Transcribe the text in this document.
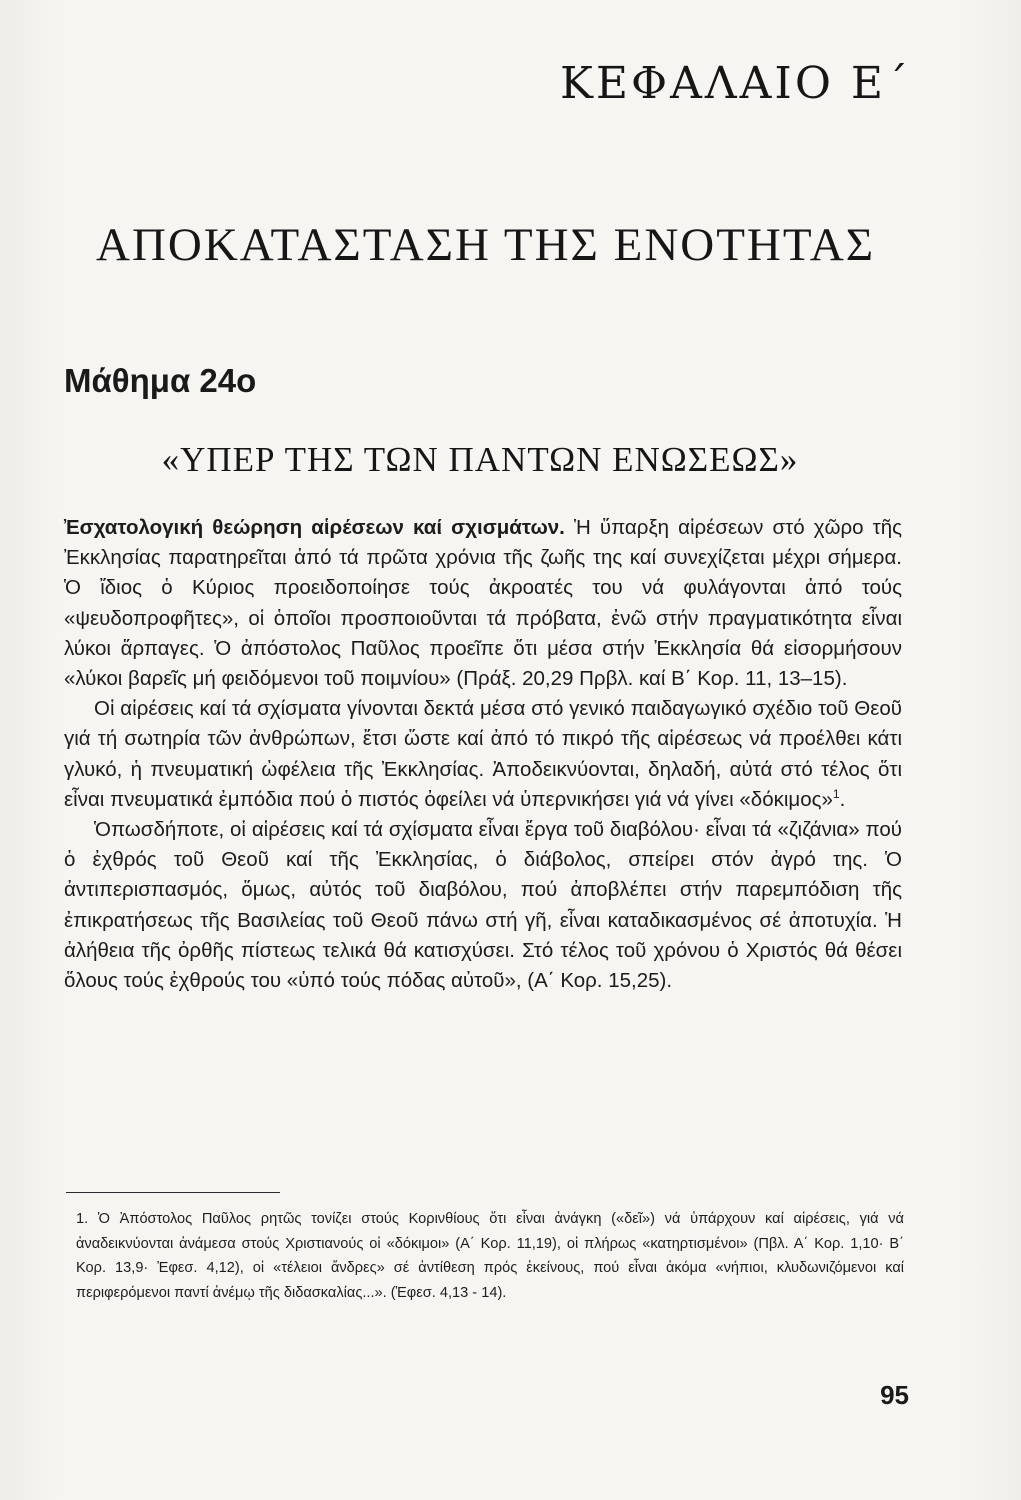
ΚΕΦΑΛΑΙΟ Ε΄
ΑΠΟΚΑΤΑΣΤΑΣΗ ΤΗΣ ΕΝΟΤΗΤΑΣ
Μάθημα 24ο
«ΥΠΕΡ ΤΗΣ ΤΩΝ ΠΑΝΤΩΝ ΕΝΩΣΕΩΣ»

Ἐσχατολογική θεώρηση αἱρέσεων καί σχισμάτων. Ἡ ὕπαρξη αἱρέσεων στό χῶρο τῆς Ἐκκλησίας παρατηρεῖται ἀπό τά πρῶτα χρόνια τῆς ζωῆς της καί συνεχίζεται μέχρι σήμερα. Ὁ ἴδιος ὁ Κύριος προειδοποίησε τούς ἀκροατές του νά φυλάγονται ἀπό τούς «ψευδοπροφῆτες», οἱ ὁποῖοι προσποιοῦνται τά πρόβατα, ἐνῶ στήν πραγματικότητα εἶναι λύκοι ἅρπαγες. Ὁ ἀπόστολος Παῦλος προεῖπε ὅτι μέσα στήν Ἐκκλησία θά εἰσορμήσουν «λύκοι βαρεῖς μή φειδόμενοι τοῦ ποιμνίου» (Πράξ. 20,29 Πρβλ. καί Β΄ Κορ. 11, 13–15).

Οἱ αἱρέσεις καί τά σχίσματα γίνονται δεκτά μέσα στό γενικό παιδαγωγικό σχέδιο τοῦ Θεοῦ γιά τή σωτηρία τῶν ἀνθρώπων, ἔτσι ὥστε καί ἀπό τό πικρό τῆς αἱρέσεως νά προέλθει κάτι γλυκό, ἡ πνευματική ὠφέλεια τῆς Ἐκκλησίας. Ἀποδεικνύονται, δηλαδή, αὐτά στό τέλος ὅτι εἶναι πνευματικά ἐμπόδια πού ὁ πιστός ὀφείλει νά ὑπερνικήσει γιά νά γίνει «δόκιμος»$^1$.

Ὁπωσδήποτε, οἱ αἱρέσεις καί τά σχίσματα εἶναι ἔργα τοῦ διαβόλου· εἶναι τά «ζιζάνια» πού ὁ ἐχθρός τοῦ Θεοῦ καί τῆς Ἐκκλησίας, ὁ διάβολος, σπείρει στόν ἀγρό της. Ὁ ἀντιπερισπασμός, ὅμως, αὐτός τοῦ διαβόλου, πού ἀποβλέπει στήν παρεμπόδιση τῆς ἐπικρατήσεως τῆς Βασιλείας τοῦ Θεοῦ πάνω στή γῆ, εἶναι καταδικασμένος σέ ἀποτυχία. Ἡ ἀλήθεια τῆς ὀρθῆς πίστεως τελικά θά κατισχύσει. Στό τέλος τοῦ χρόνου ὁ Χριστός θά θέσει ὅλους τούς ἐχθρούς του «ὑπό τούς πόδας αὐτοῦ», (Α΄ Κορ. 15,25).

1. Ὁ Ἀπόστολος Παῦλος ρητῶς τονίζει στούς Κορινθίους ὅτι εἶναι ἀνάγκη («δεῖ») νά ὑπάρχουν καί αἱρέσεις, γιά νά ἀναδεικνύονται ἀνάμεσα στούς Χριστιανούς οἱ «δόκιμοι» (Α΄ Κορ. 11,19), οἱ πλήρως «κατηρτισμένοι» (Πβλ. Α΄ Κορ. 1,10· Β΄ Κορ. 13,9· Ἐφεσ. 4,12), οἱ «τέλειοι ἄνδρες» σέ ἀντίθεση πρός ἐκείνους, πού εἶναι ἀκόμα «νήπιοι, κλυδωνιζόμενοι καί περιφερόμενοι παντί ἀνέμῳ τῆς διδασκαλίας...». (Ἐφεσ. 4,13 - 14).

95
